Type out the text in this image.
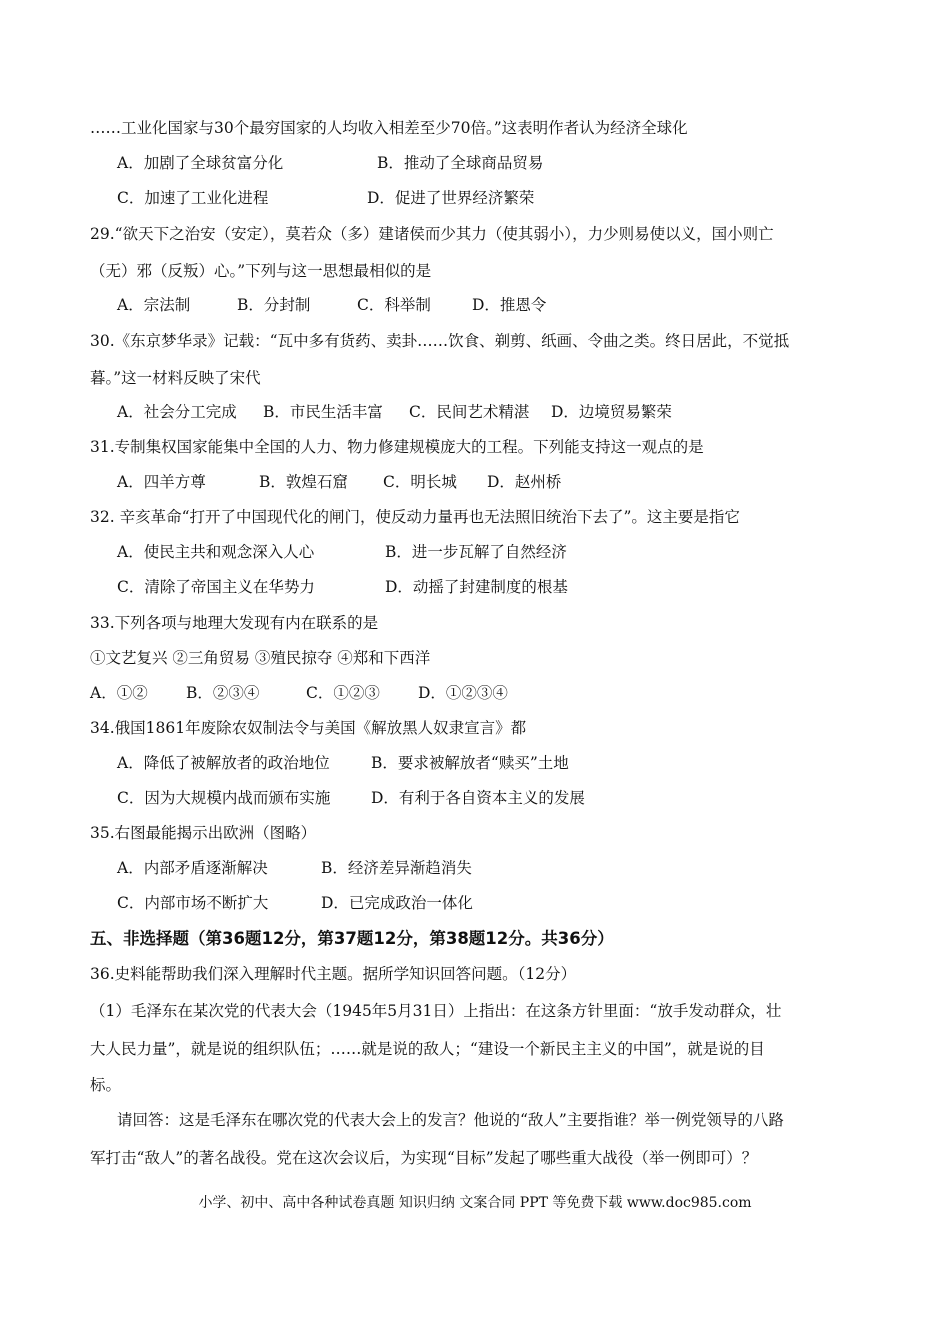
……工业化国家与30个最穷国家的人均收入相差至少70倍。”这表明作者认为经济全球化
A．加剧了全球贫富分化	B．推动了全球商品贸易
C．加速了工业化进程	D．促进了世界经济繁荣
29.“欲天下之治安（安定），莫若众（多）建诸侯而少其力（使其弱小），力少则易使以义，国小则亡
（无）邪（反叛）心。”下列与这一思想最相似的是
A．宗法制	B．分封制	C．科举制	D．推恩令
30.《东京梦华录》记载：“瓦中多有货药、卖卦……饮食、剃剪、纸画、令曲之类。终日居此，不觉抵
暮。”这一材料反映了宋代
A．社会分工完成 B．市民生活丰富 C．民间艺术精湛 D．边境贸易繁荣
31.专制集权国家能集中全国的人力、物力修建规模庞大的工程。下列能支持这一观点的是
A．四羊方尊	B．敦煌石窟 C．明长城 D．赵州桥
32. 辛亥革命“打开了中国现代化的闸门，使反动力量再也无法照旧统治下去了”。这主要是指它
A．使民主共和观念深入人心	B．进一步瓦解了自然经济
C．清除了帝国主义在华势力	D．动摇了封建制度的根基
33.下列各项与地理大发现有内在联系的是
①文艺复兴 ②三角贸易 ③殖民掠夺 ④郑和下西洋
A．①② B．②③④	C．①②③ D．①②③④
34.俄国1861年废除农奴制法令与美国《解放黑人奴隶宣言》都
A．降低了被解放者的政治地位	B．要求被解放者“赎买”土地
C．因为大规模内战而颁布实施	D．有利于各自资本主义的发展
35.右图最能揭示出欧洲（图略）
A．内部矛盾逐渐解决	B．经济差异渐趋消失
C．内部市场不断扩大	D．已完成政治一体化
五、非选择题（第36题12分，第37题12分，第38题12分。共36分）
36.史料能帮助我们深入理解时代主题。据所学知识回答问题。（12分）
（1）毛泽东在某次党的代表大会（1945年5月31日）上指出：在这条方针里面：“放手发动群众，壮
大人民力量”，就是说的组织队伍；……就是说的敌人；“建设一个新民主主义的中国”，就是说的目
标。
请回答：这是毛泽东在哪次党的代表大会上的发言？他说的“敌人”主要指谁？举一例党领导的八路
军打击“敌人”的著名战役。党在这次会议后，为实现“目标”发起了哪些重大战役（举一例即可）？
小学、初中、高中各种试卷真题 知识归纳 文案合同 PPT 等免费下载 www.doc985.com
